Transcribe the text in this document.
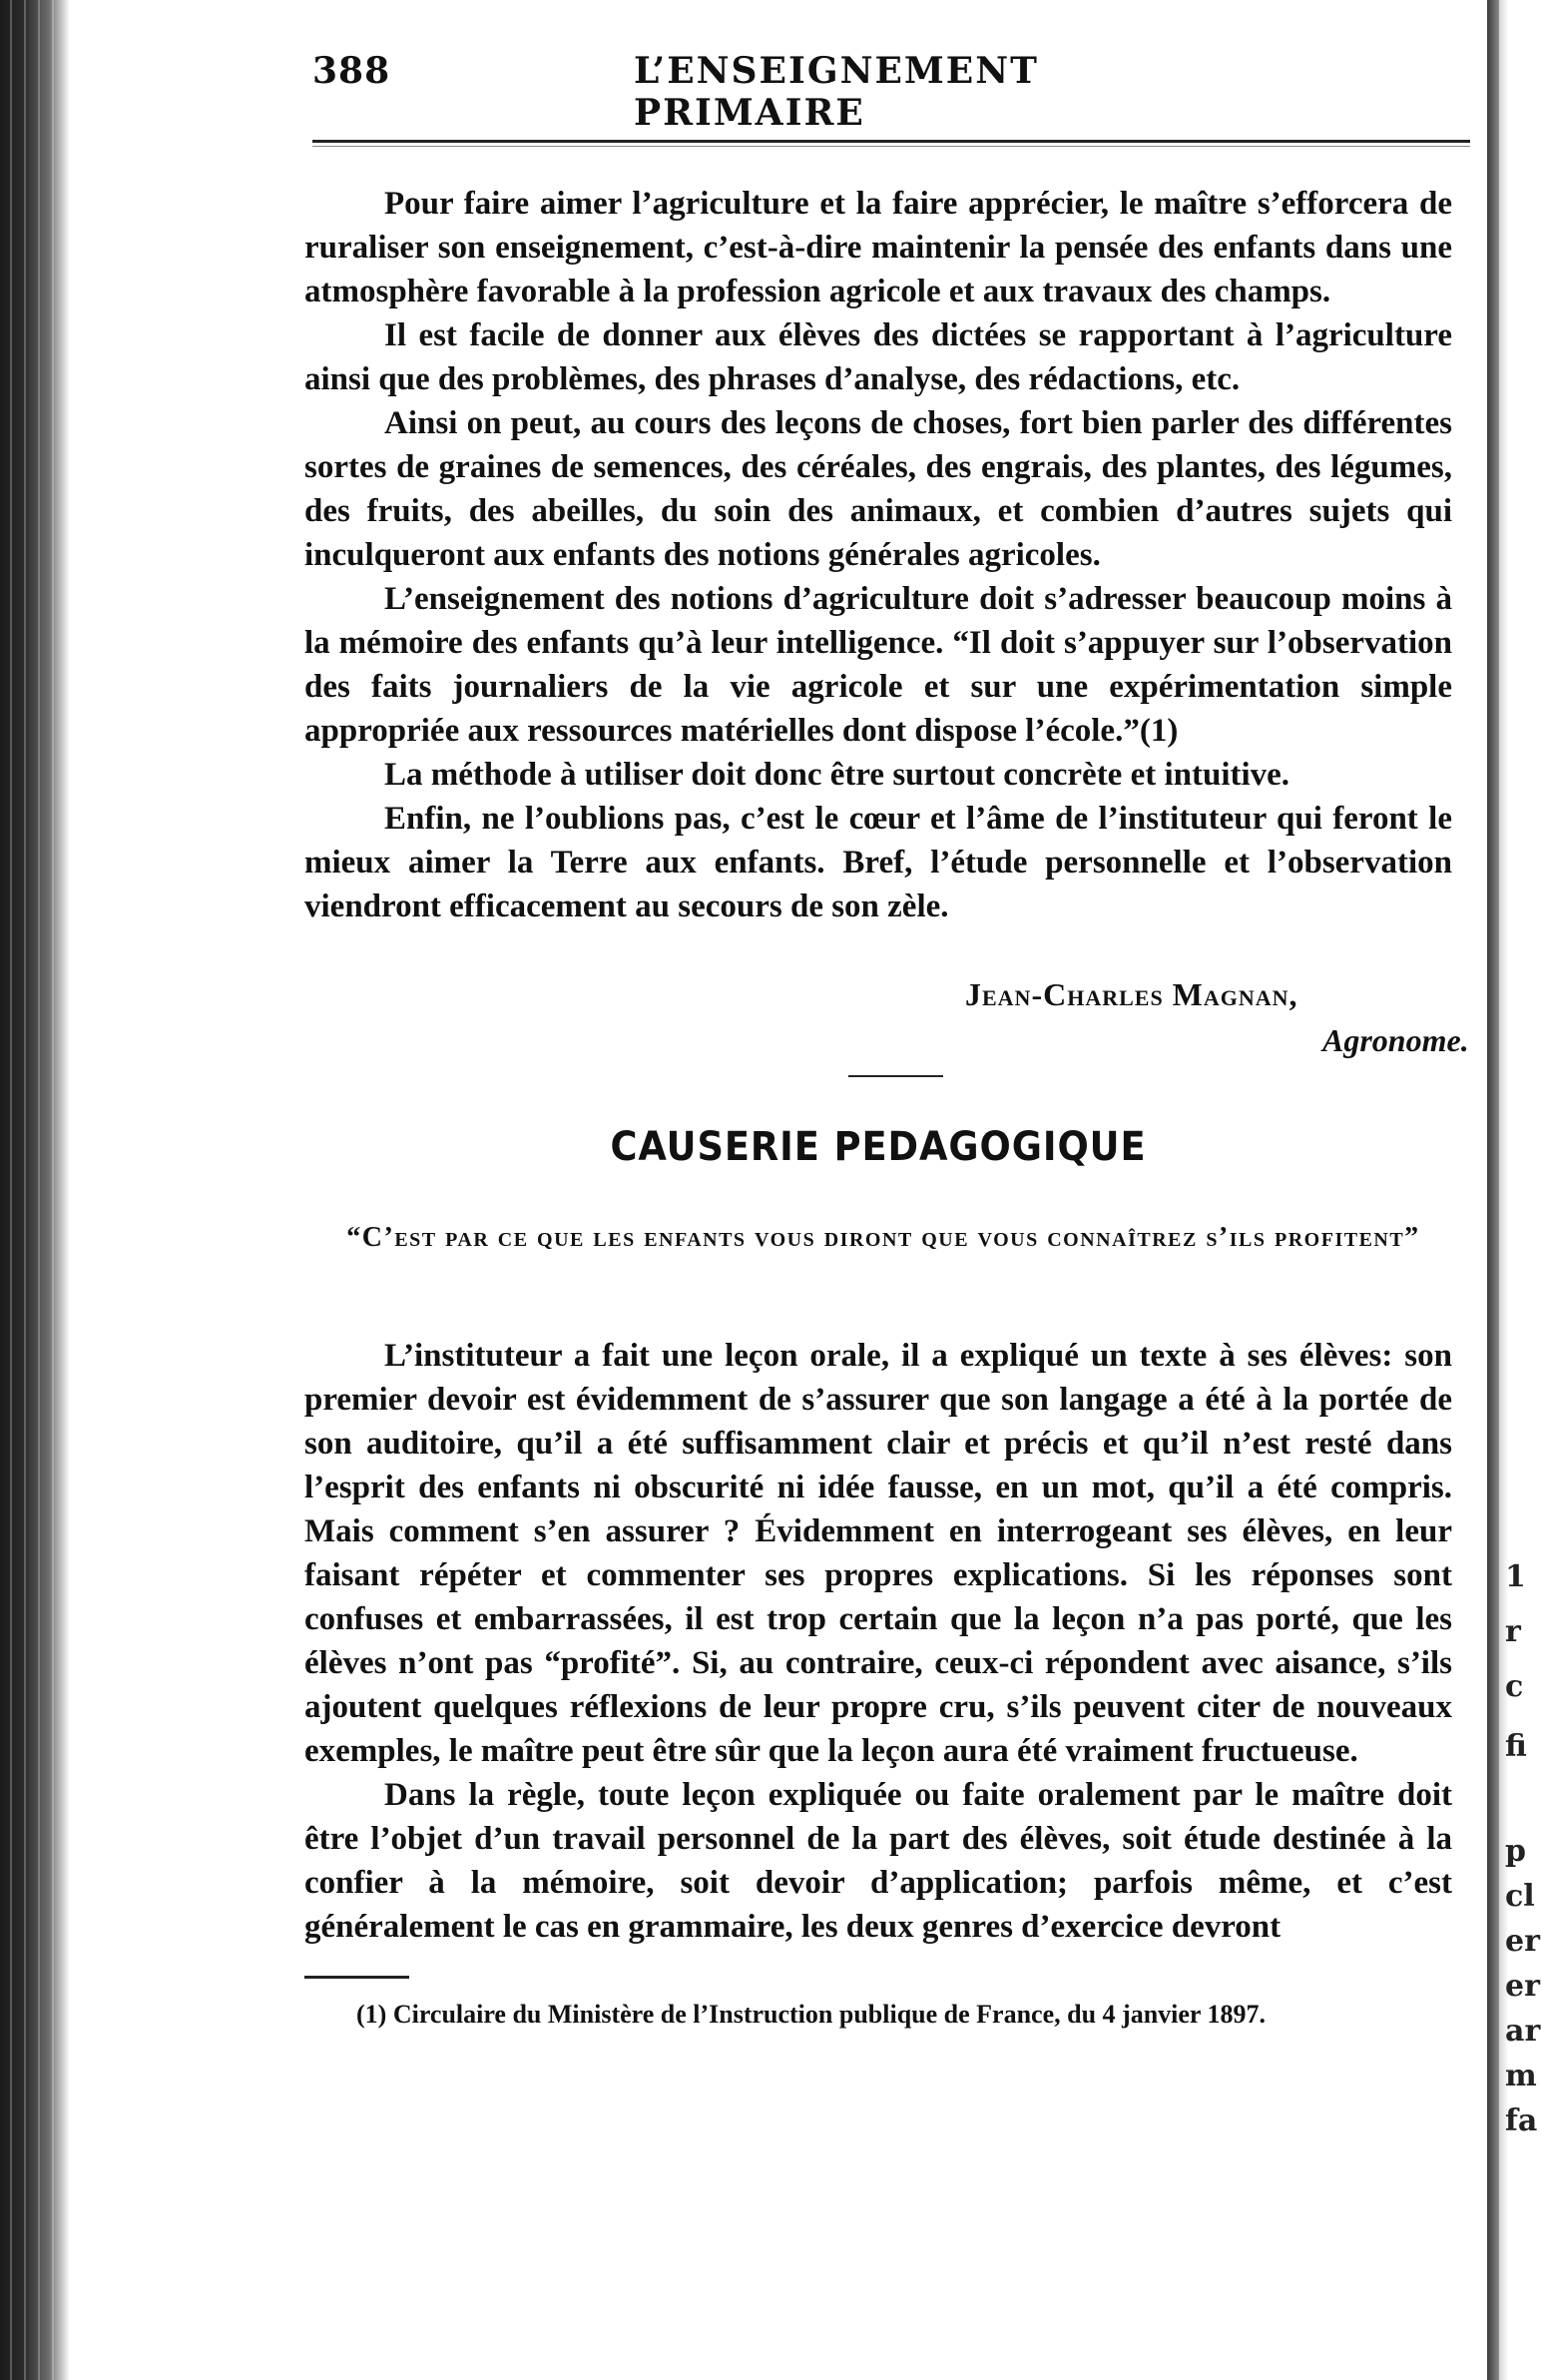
1
r
c
fi
p
cl
er
er
ar
m
fa
388	L’ENSEIGNEMENT PRIMAIRE

Pour faire aimer l’agriculture et la faire apprécier, le maître s’efforcera de ruraliser son enseignement, c’est-à-dire maintenir la pensée des enfants dans une atmosphère favorable à la profession agricole et aux travaux des champs.

Il est facile de donner aux élèves des dictées se rapportant à l’agriculture ainsi que des problèmes, des phrases d’analyse, des rédactions, etc.

Ainsi on peut, au cours des leçons de choses, fort bien parler des différentes sortes de graines de semences, des céréales, des engrais, des plantes, des légumes, des fruits, des abeilles, du soin des animaux, et combien d’autres sujets qui inculqueront aux enfants des notions générales agricoles.

L’enseignement des notions d’agriculture doit s’adresser beaucoup moins à la mémoire des enfants qu’à leur intelligence. “Il doit s’appuyer sur l’observation des faits journaliers de la vie agricole et sur une expérimentation simple appropriée aux ressources matérielles dont dispose l’école.”(1)

La méthode à utiliser doit donc être surtout concrète et intuitive.

Enfin, ne l’oublions pas, c’est le cœur et l’âme de l’instituteur qui feront le mieux aimer la Terre aux enfants. Bref, l’étude personnelle et l’observation viendront efficacement au secours de son zèle.

Jean-Charles Magnan,
Agronome.
CAUSERIE PEDAGOGIQUE
“C’est par ce que les enfants vous diront que vous connaîtrez s’ils profitent”

L’instituteur a fait une leçon orale, il a expliqué un texte à ses élèves: son premier devoir est évidemment de s’assurer que son langage a été à la portée de son auditoire, qu’il a été suffisamment clair et précis et qu’il n’est resté dans l’esprit des enfants ni obscurité ni idée fausse, en un mot, qu’il a été compris. Mais comment s’en assurer ? Évidemment en interrogeant ses élèves, en leur faisant répéter et commenter ses propres explications. Si les réponses sont confuses et embarrassées, il est trop certain que la leçon n’a pas porté, que les élèves n’ont pas “profité”. Si, au contraire, ceux-ci répondent avec aisance, s’ils ajoutent quelques réflexions de leur propre cru, s’ils peuvent citer de nouveaux exemples, le maître peut être sûr que la leçon aura été vraiment fructueuse.

Dans la règle, toute leçon expliquée ou faite oralement par le maître doit être l’objet d’un travail personnel de la part des élèves, soit étude destinée à la confier à la mémoire, soit devoir d’application; parfois même, et c’est généralement le cas en grammaire, les deux genres d’exercice devront

(1) Circulaire du Ministère de l’Instruction publique de France, du 4 janvier 1897.
